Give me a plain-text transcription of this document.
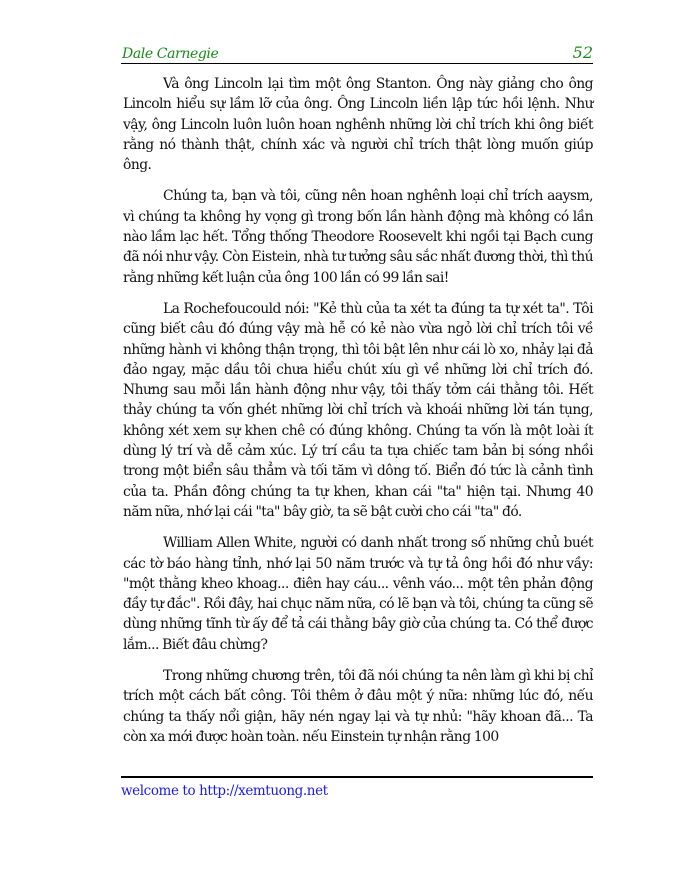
Dale Carnegie	52

Và ông Lincoln lại tìm một ông Stanton. Ông này giảng cho ông Lincoln hiểu sự lầm lỡ của ông. Ông Lincoln liền lập tức hồi lệnh. Như vậy, ông Lincoln luôn luôn hoan nghênh những lời chỉ trích khi ông biết rằng nó thành thật, chính xác và người chỉ trích thật lòng muốn giúp ông.

Chúng ta, bạn và tôi, cũng nên hoan nghênh loại chỉ trích aaysm, vì chúng ta không hy vọng gì trong bốn lần hành động mà không có lần nào lầm lạc hết. Tổng thống Theodore Roosevelt khi ngồi tại Bạch cung đã nói như vậy. Còn Eistein, nhà tư tưởng sâu sắc nhất đương thời, thì thú rằng những kết luận của ông 100 lần có 99 lần sai!

La Rochefoucould nói: "Kẻ thù của ta xét ta đúng ta tự xét ta". Tôi cũng biết câu đó đúng vậy mà hễ có kẻ nào vừa ngỏ lời chỉ trích tôi về những hành vi không thận trọng, thì tôi bật lên như cái lò xo, nhảy lại đả đảo ngay, mặc dầu tôi chưa hiểu chút xíu gì về những lời chỉ trích đó. Nhưng sau mỗi lần hành động như vậy, tôi thấy tởm cái thằng tôi. Hết thảy chúng ta vốn ghét những lời chỉ trích và khoái những lời tán tụng, không xét xem sự khen chê có đúng không. Chúng ta vốn là một loài ít dùng lý trí và dễ cảm xúc. Lý trí cầu ta tựa chiếc tam bản bị sóng nhồi trong một biển sâu thẳm và tối tăm vì dông tố. Biển đó tức là cảnh tình của ta. Phần đông chúng ta tự khen, khan cái "ta" hiện tại. Nhưng 40 năm nữa, nhớ lại cái "ta" bây giờ, ta sẽ bật cười cho cái "ta" đó.

William Allen White, người có danh nhất trong số những chủ buét các tờ báo hàng tỉnh, nhớ lại 50 năm trước và tự tả ông hồi đó như vầy: "một thằng kheo khoag... điên hay cáu... vênh váo... một tên phản động đầy tự đắc". Rồi đây, hai chục năm nữa, có lẽ bạn và tôi, chúng ta cũng sẽ dùng những tĩnh từ ấy để tả cái thằng bây giờ của chúng ta. Có thể được lắm... Biết đâu chừng?

Trong những chương trên, tôi đã nói chúng ta nên làm gì khi bị chỉ trích một cách bất công. Tôi thêm ở đâu một ý nữa: những lúc đó, nếu chúng ta thấy nổi giận, hãy nén ngay lại và tự nhủ: "hãy khoan đã... Ta còn xa mới được hoàn toàn. nếu Einstein tự nhận rằng 100

welcome to http://xemtuong.net
